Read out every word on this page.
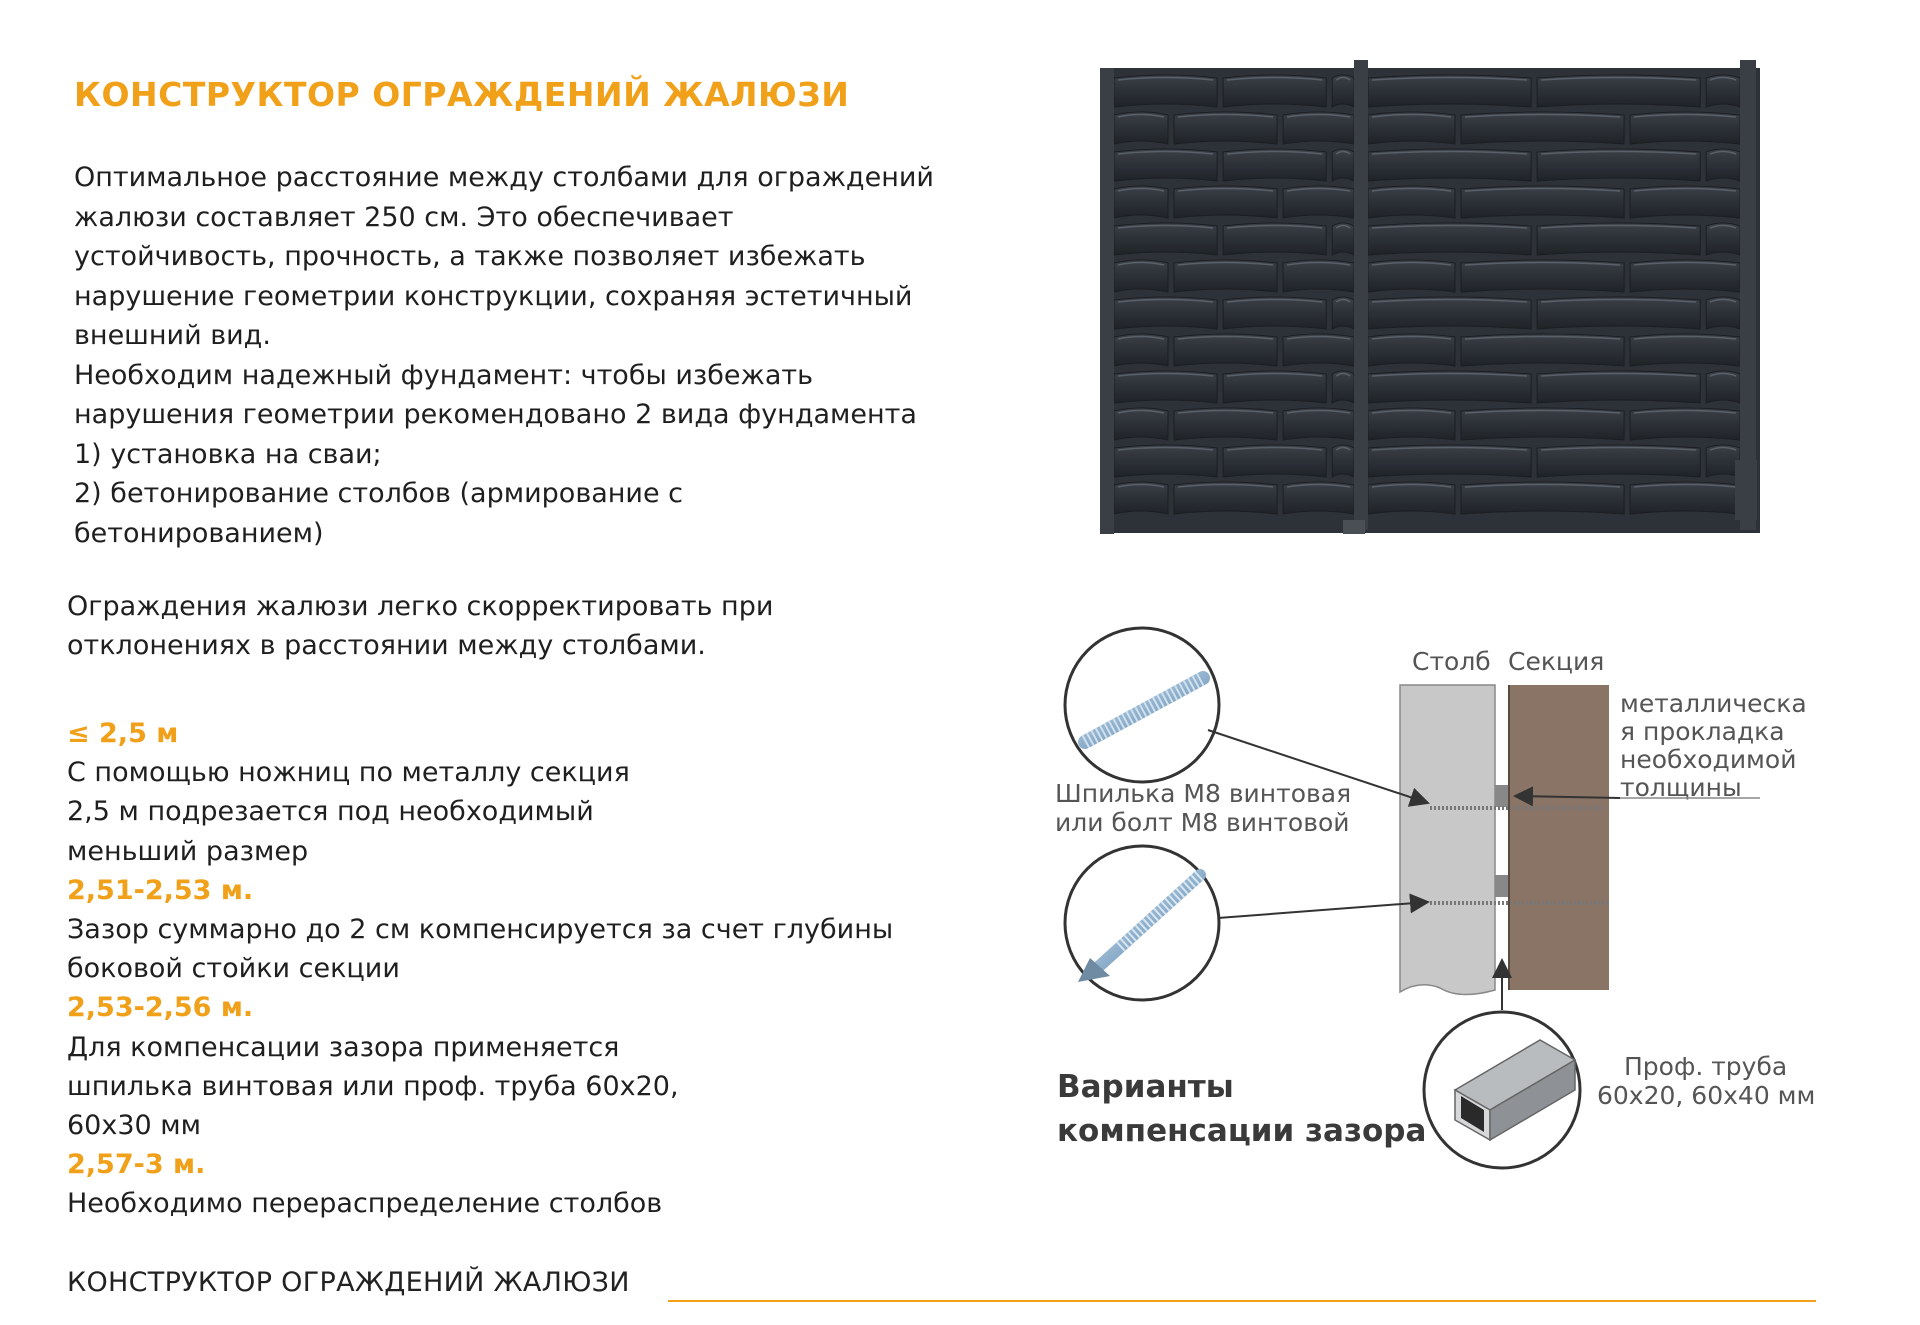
КОНСТРУКТОР ОГРАЖДЕНИЙ ЖАЛЮЗИ
Оптимальное расстояние между столбами для ограждений
жалюзи составляет 250 см. Это обеспечивает
устойчивость, прочность, а также позволяет избежать
нарушение геометрии конструкции, сохраняя эстетичный
внешний вид.
Необходим надежный фундамент: чтобы избежать
нарушения геометрии рекомендовано 2 вида фундамента
1) установка на сваи;
2) бетонирование столбов (армирование с
бетонированием)
Ограждения жалюзи легко скорректировать при
отклонениях в расстоянии между столбами.
≤ 2,5 м
С помощью ножниц по металлу секция
2,5 м подрезается под необходимый
меньший размер
2,51-2,53 м.
Зазор суммарно до 2 см компенсируется за счет глубины
боковой стойки секции
2,53-2,56 м.
Для компенсации зазора применяется
шпилька винтовая или проф. труба 60х20,
60х30 мм
2,57-3 м.
Необходимо перераспределение столбов
Столб Секция
металлическа
я прокладка
необходимой
толщины
Шпилька М8 винтовая
или болт М8 винтовой
Проф. труба
60х20, 60х40 мм
Варианты
компенсации зазора
КОНСТРУКТОР ОГРАЖДЕНИЙ ЖАЛЮЗИ
